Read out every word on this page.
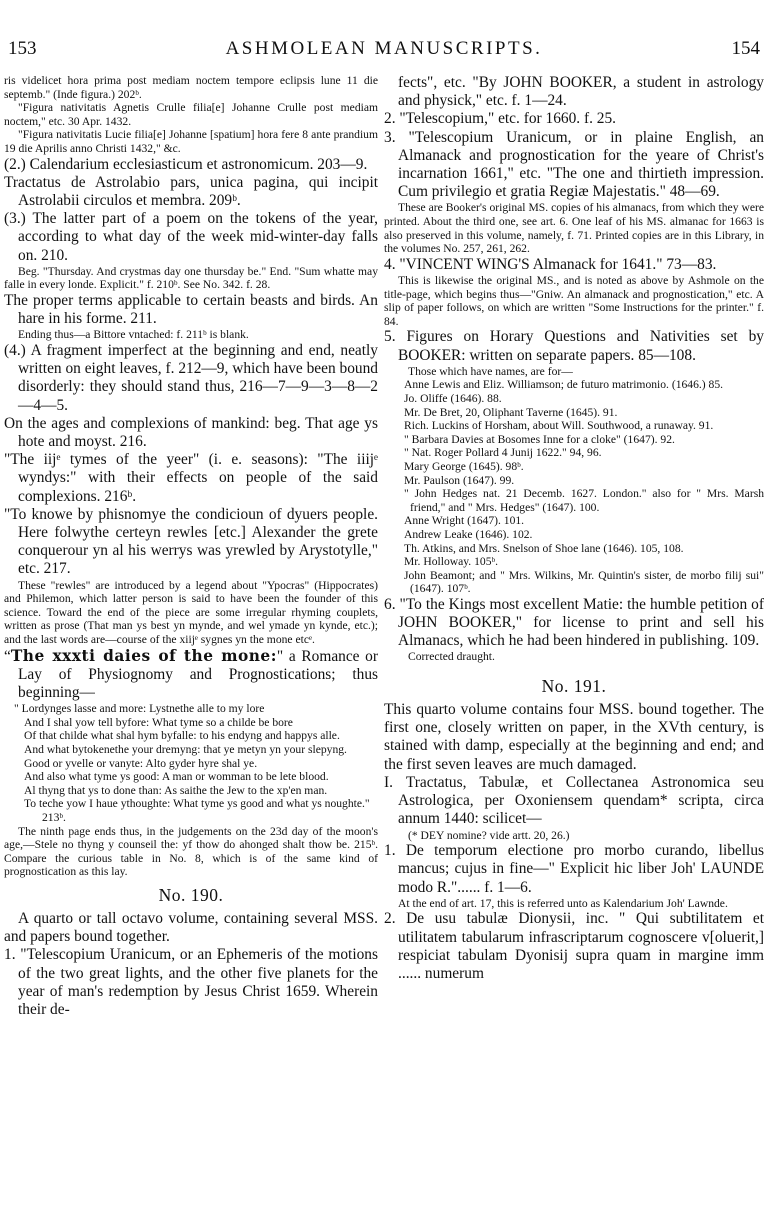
153	ASHMOLEAN MANUSCRIPTS.	154

ris videlicet hora prima post mediam noctem tempore eclipsis lune 11 die septemb." (Inde figura.) 202ᵇ.

"Figura nativitatis Agnetis Crulle filia[e] Johanne Crulle post mediam noctem," etc. 30 Apr. 1432.

"Figura nativitatis Lucie filia[e] Johanne [spatium] hora fere 8 ante prandium 19 die Aprilis anno Christi 1432," &c.

(2.) Calendarium ecclesiasticum et astronomicum. 203—9.

Tractatus de Astrolabio pars, unica pagina, qui incipit Astrolabii circulos et membra. 209ᵇ.

(3.) The latter part of a poem on the tokens of the year, according to what day of the week mid-winter-day falls on. 210.

Beg. "Thursday. And crystmas day one thursday be." End. "Sum whatte may falle in every londe. Explicit." f. 210ᵇ. See No. 342. f. 28.

The proper terms applicable to certain beasts and birds. An hare in his forme. 211.

Ending thus—a Bittore vntached: f. 211ᵇ is blank.

(4.) A fragment imperfect at the beginning and end, neatly written on eight leaves, f. 212—9, which have been bound disorderly: they should stand thus, 216—7—9—3—8—2—4—5.

On the ages and complexions of mankind: beg. That age ys hote and moyst. 216.

"The iijᵉ tymes of the yeer" (i. e. seasons): "The iiijᵉ wyndys:" with their effects on people of the said complexions. 216ᵇ.

"To knowe by phisnomye the condicioun of dyuers people. Here folwythe certeyn rewles [etc.] Alexander the grete conquerour yn al his werrys was yrewled by Arystotylle," etc. 217.

These "rewles" are introduced by a legend about "Ypocras" (Hippocrates) and Philemon, which latter person is said to have been the founder of this science. Toward the end of the piece are some irregular rhyming couplets, written as prose (That man ys best yn mynde, and wel ymade yn kynde, etc.); and the last words are—course of the xiijᵉ sygnes yn the mone etcᵉ.

“The xxxti daies of the mone:" a Romance or Lay of Physiognomy and Prognostications; thus beginning—

" Lordynges lasse and more: Lystnethe alle to my lore

And I shal yow tell byfore: What tyme so a childe be bore

Of that childe what shal hym byfalle: to his endyng and happys alle.

And what bytokenethe your dremyng: that ye metyn yn your slepyng.

Good or yvelle or vanyte: Alto gyder hyre shal ye.

And also what tyme ys good: A man or womman to be lete blood.

Al thyng that ys to done than: As saithe the Jew to the xp'en man.

To teche yow I haue ythoughte: What tyme ys good and what ys noughte." 213ᵇ.

The ninth page ends thus, in the judgements on the 23d day of the moon's age,—Stele no thyng y counseil the: yf thow do ahonged shalt thow be. 215ᵇ. Compare the curious table in No. 8, which is of the same kind of prognostication as this lay.

No. 190.

A quarto or tall octavo volume, containing several MSS. and papers bound together.

1. "Telescopium Uranicum, or an Ephemeris of the motions of the two great lights, and the other five planets for the year of man's redemption by Jesus Christ 1659. Wherein their de-

fects", etc. "By JOHN BOOKER, a student in astrology and physick," etc. f. 1—24.

2. "Telescopium," etc. for 1660. f. 25.

3. "Telescopium Uranicum, or in plaine English, an Almanack and prognostication for the yeare of Christ's incarnation 1661," etc. "The one and thirtieth impression. Cum privilegio et gratia Regiæ Majestatis." 48—69.

These are Booker's original MS. copies of his almanacs, from which they were printed. About the third one, see art. 6. One leaf of his MS. almanac for 1663 is also preserved in this volume, namely, f. 71. Printed copies are in this Library, in the volumes No. 257, 261, 262.

4. "VINCENT WING'S Almanack for 1641." 73—83.

This is likewise the original MS., and is noted as above by Ashmole on the title-page, which begins thus—"Gniw. An almanack and prognostication," etc. A slip of paper follows, on which are written "Some Instructions for the printer." f. 84.

5. Figures on Horary Questions and Nativities set by BOOKER: written on separate papers. 85—108.

Those which have names, are for—

Anne Lewis and Eliz. Williamson; de futuro matrimonio. (1646.) 85.

Jo. Oliffe (1646). 88.

Mr. De Bret, 20, Oliphant Taverne (1645). 91.

Rich. Luckins of Horsham, about Will. Southwood, a runaway. 91.

" Barbara Davies at Bosomes Inne for a cloke" (1647). 92.

" Nat. Roger Pollard 4 Junij 1622." 94, 96.

Mary George (1645). 98ᵇ.

Mr. Paulson (1647). 99.

" John Hedges nat. 21 Decemb. 1627. London." also for " Mrs. Marsh friend," and " Mrs. Hedges" (1647). 100.

Anne Wright (1647). 101.

Andrew Leake (1646). 102.

Th. Atkins, and Mrs. Snelson of Shoe lane (1646). 105, 108.

Mr. Holloway. 105ᵇ.

John Beamont; and " Mrs. Wilkins, Mr. Quintin's sister, de morbo filij sui" (1647). 107ᵇ.

6. "To the Kings most excellent Matie: the humble petition of JOHN BOOKER," for license to print and sell his Almanacs, which he had been hindered in publishing. 109.

Corrected draught.

No. 191.

This quarto volume contains four MSS. bound together. The first one, closely written on paper, in the XVth century, is stained with damp, especially at the beginning and end; and the first seven leaves are much damaged.

I. Tractatus, Tabulæ, et Collectanea Astronomica seu Astrologica, per Oxoniensem quendam* scripta, circa annum 1440: scilicet—

(* DEY nomine? vide artt. 20, 26.)

1. De temporum electione pro morbo curando, libellus mancus; cujus in fine—" Explicit hic liber Joh' LAUNDE modo R."...... f. 1—6.

At the end of art. 17, this is referred unto as Kalendarium Joh' Lawnde.

2. De usu tabulæ Dionysii, inc. " Qui subtilitatem et utilitatem tabularum infrascriptarum cognoscere v[oluerit,] respiciat tabulam Dyonisij supra quam in margine imm ...... numerum
